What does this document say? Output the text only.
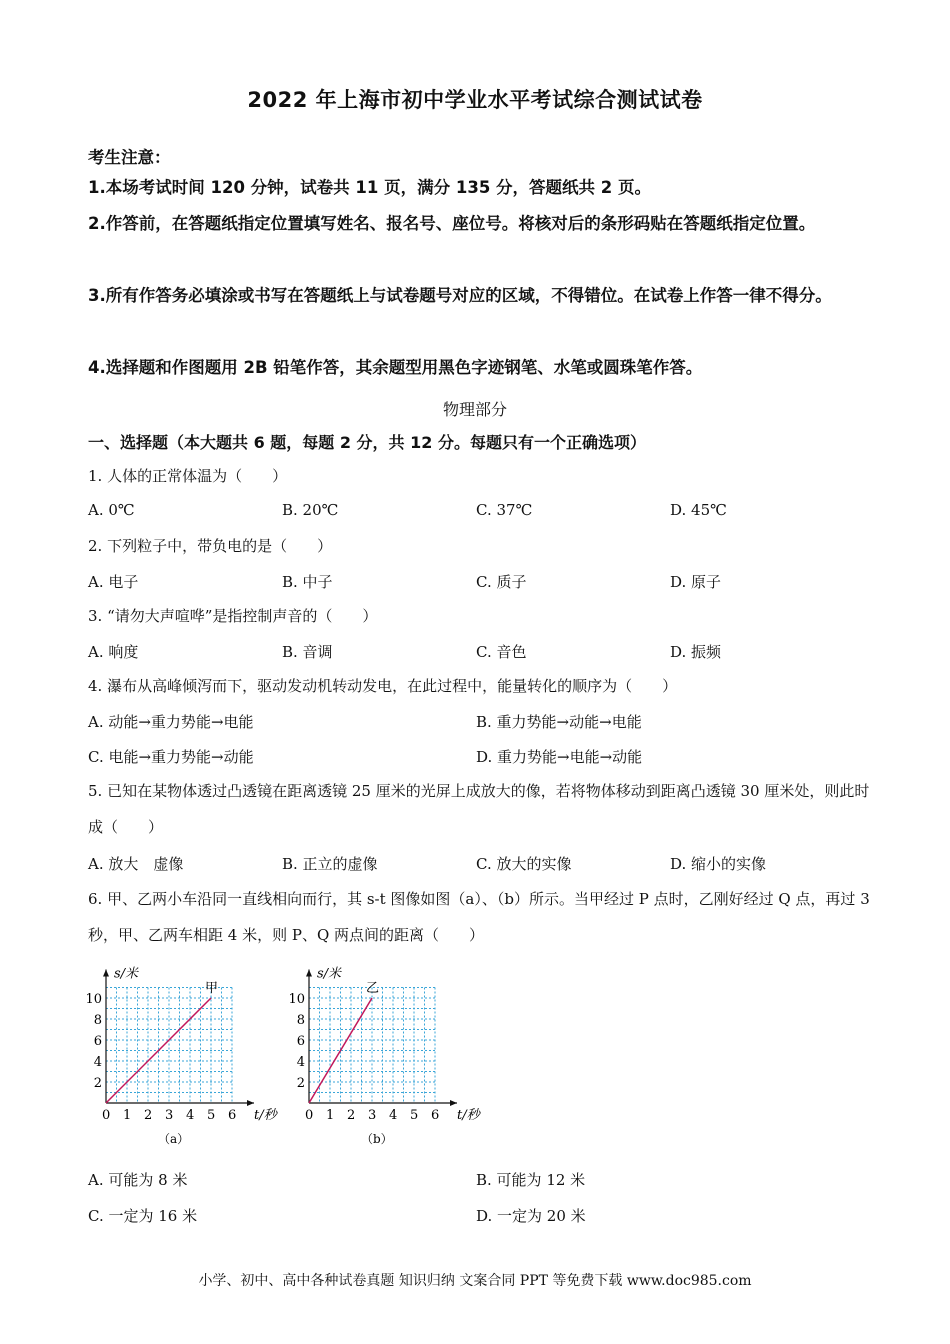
2022 年上海市初中学业水平考试综合测试试卷
考生注意：
1.本场考试时间 120 分钟，试卷共 11 页，满分 135 分，答题纸共 2 页。
2.作答前，在答题纸指定位置填写姓名、报名号、座位号。将核对后的条形码贴在答题纸指定位置。
3.所有作答务必填涂或书写在答题纸上与试卷题号对应的区域，不得错位。在试卷上作答一律不得分。
4.选择题和作图题用 2B 铅笔作答，其余题型用黑色字迹钢笔、水笔或圆珠笔作答。
物理部分
一、选择题（本大题共 6 题，每题 2 分，共 12 分。每题只有一个正确选项）
1. 人体的正常体温为（　　）
A. 0℃	B. 20℃	C. 37℃	D. 45℃
2. 下列粒子中，带负电的是（　　）
A. 电子	B. 中子	C. 质子	D. 原子
3. “请勿大声喧哗”是指控制声音的（　　）
A. 响度	B. 音调	C. 音色	D. 振频
4. 瀑布从高峰倾泻而下，驱动发动机转动发电，在此过程中，能量转化的顺序为（　　）
A. 动能→重力势能→电能	B. 重力势能→动能→电能
C. 电能→重力势能→动能	D. 重力势能→电能→动能
5. 已知在某物体透过凸透镜在距离透镜 25 厘米的光屏上成放大的像，若将物体移动到距离凸透镜 30 厘米处，则此时成（　　）
A. 放大　虚像	B. 正立的虚像	C. 放大的实像	D. 缩小的实像
6. 甲、乙两小车沿同一直线相向而行，其 s-t 图像如图（a）、（b）所示。当甲经过 P 点时，乙刚好经过 Q 点，再过 3 秒，甲、乙两车相距 4 米，则 P、Q 两点间的距离（　　）
0 1 2 3 4 5 6
2
4
6
8
10
s/米
t/秒
甲
（a）
0 1 2 3 4 5 6
2
4
6
8
10
s/米
t/秒
乙
（b）
A. 可能为 8 米	B. 可能为 12 米
C. 一定为 16 米	D. 一定为 20 米
小学、初中、高中各种试卷真题 知识归纳 文案合同 PPT 等免费下载 www.doc985.com
